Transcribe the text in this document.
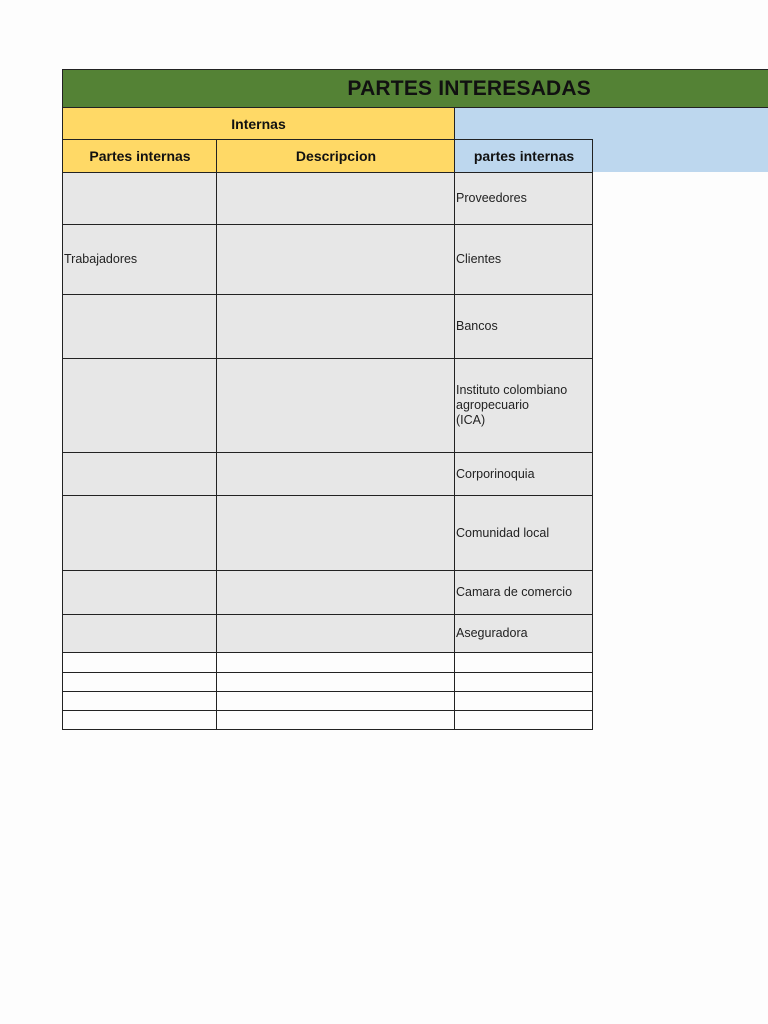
PARTES INTERESADAS
Internas
Partes internas	Descripcion	partes internas
		Proveedores
Trabajadores		Clientes
		Bancos
		Instituto colombiano
agropecuario
(ICA)
		Corporinoquia
		Comunidad local
		Camara de comercio
		Aseguradora
